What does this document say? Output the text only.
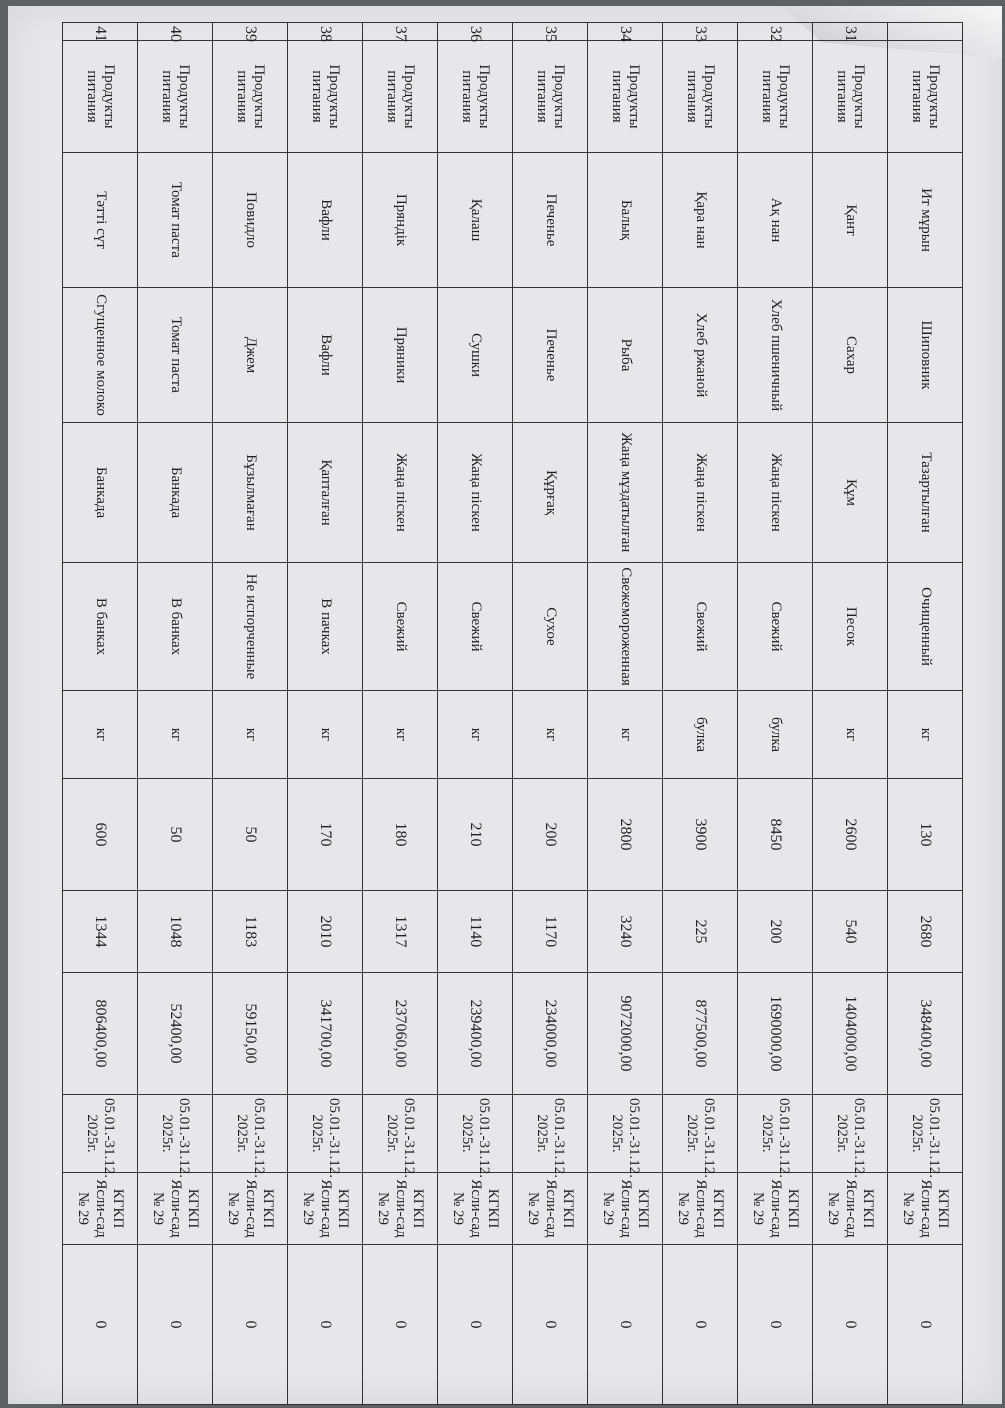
	Продукты питания	Ит мұрын	Шиповник	Тазартылған	Очищенный	кг	130	2680	348400,00	05.01.-31.12. 2025г.	КГКП Ясли-сад № 29	0
31	Продукты питания	Қант	Сахар	Құм	Песок	кг	2600	540	1404000,00	05.01.-31.12. 2025г.	КГКП Ясли-сад № 29	0
32	Продукты питания	Ақ нан	Хлеб пшеничный	Жаңа піскен	Свежий	булка	8450	200	1690000,00	05.01.-31.12. 2025г.	КГКП Ясли-сад № 29	0
33	Продукты питания	Қара нан	Хлеб ржаной	Жаңа піскен	Свежий	булка	3900	225	877500,00	05.01.-31.12. 2025г.	КГКП Ясли-сад № 29	0
34	Продукты питания	Балық	Рыба	Жаңа мұздатылған	Свежемороженная	кг	2800	3240	9072000,00	05.01.-31.12. 2025г.	КГКП Ясли-сад № 29	0
35	Продукты питания	Печенье	Печенье	Құрғақ	Сухое	кг	200	1170	234000,00	05.01.-31.12. 2025г.	КГКП Ясли-сад № 29	0
36	Продукты питания	Қалаш	Сушки	Жаңа піскен	Свежий	кг	210	1140	239400,00	05.01.-31.12. 2025г.	КГКП Ясли-сад № 29	0
37	Продукты питания	Пряндік	Пряники	Жаңа піскен	Свежий	кг	180	1317	237060,00	05.01.-31.12. 2025г.	КГКП Ясли-сад № 29	0
38	Продукты питания	Вафли	Вафли	Қапталған	В пачках	кг	170	2010	341700,00	05.01.-31.12. 2025г.	КГКП Ясли-сад № 29	0
39	Продукты питания	Повидло	Джем	Бұзылмаған	Не испорченные	кг	50	1183	59150,00	05.01.-31.12. 2025г.	КГКП Ясли-сад № 29	0
40	Продукты питания	Томат паста	Томат паста	Банкада	В банках	кг	50	1048	52400,00	05.01.-31.12. 2025г.	КГКП Ясли-сад № 29	0
41	Продукты питания	Тәтті сүт	Сгущенное молоко	Банкада	В банках	кг	600	1344	806400,00	05.01.-31.12. 2025г.	КГКП Ясли-сад № 29	0
